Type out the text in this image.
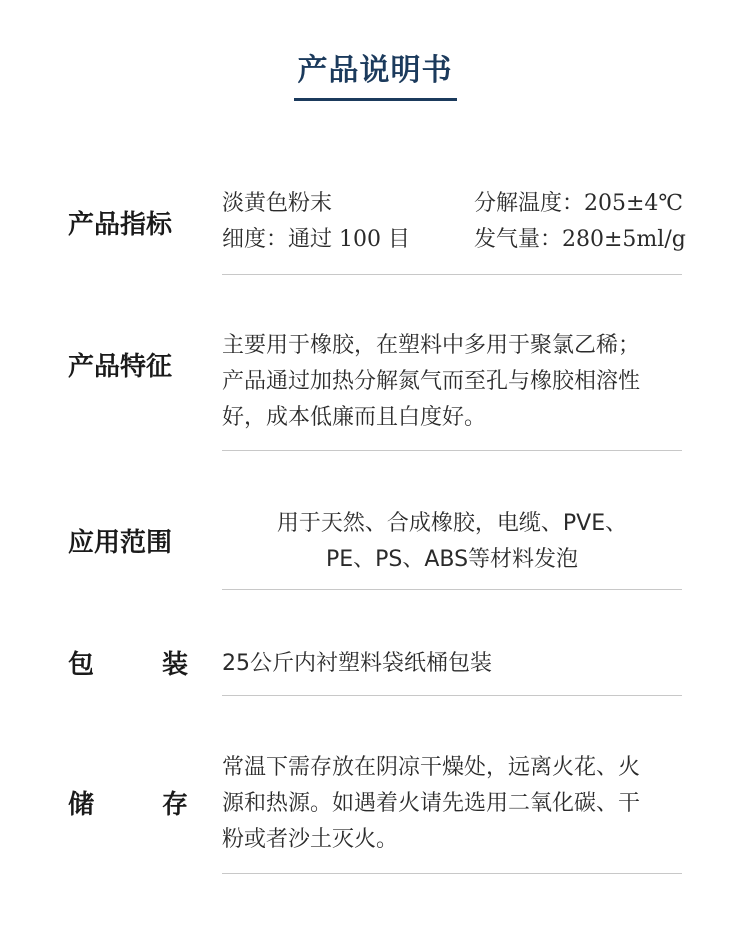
产品说明书
产品指标
淡黄色粉末
细度：通过 100 目
分解温度：205±4℃
发气量：280±5ml/g
产品特征
主要用于橡胶，在塑料中多用于聚氯乙稀；
产品通过加热分解氮气而至孔与橡胶相溶性
好，成本低廉而且白度好。
应用范围
用于天然、合成橡胶，电缆、PVE、
PE、PS、ABS等材料发泡
包	装 25公斤内衬塑料袋纸桶包装
储	存
常温下需存放在阴凉干燥处，远离火花、火
源和热源。如遇着火请先选用二氧化碳、干
粉或者沙土灭火。
